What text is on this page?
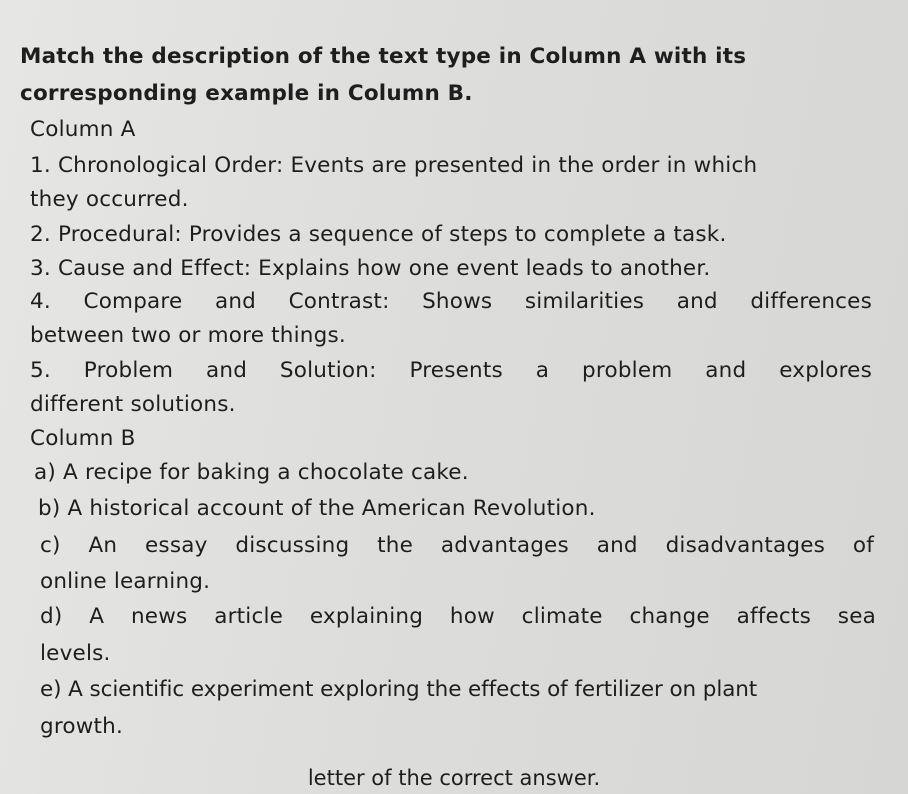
Match the description of the text type in Column A with its
corresponding example in Column B.
Column A
1. Chronological Order: Events are presented in the order in which
they occurred.
2. Procedural: Provides a sequence of steps to complete a task.
3. Cause and Effect: Explains how one event leads to another.
4. Compare and Contrast: Shows similarities and differences
between two or more things.
5. Problem and Solution: Presents a problem and explores
different solutions.
Column B
a) A recipe for baking a chocolate cake.
b) A historical account of the American Revolution.
c) An essay discussing the advantages and disadvantages of
online learning.
d) A news article explaining how climate change affects sea
levels.
e) A scientific experiment exploring the effects of fertilizer on plant
growth.
letter of the correct answer.
